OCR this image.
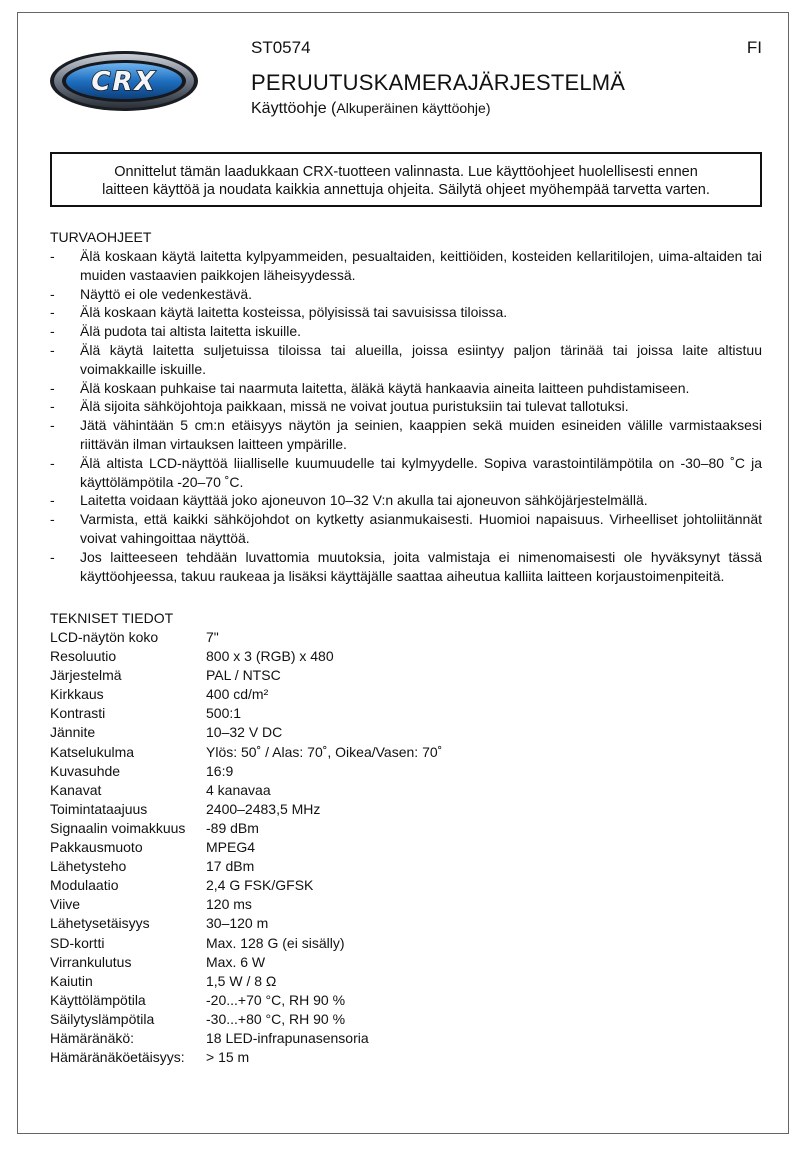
CRX
ST0574	FI
PERUUTUSKAMERAJÄRJESTELMÄ
Käyttöohje (Alkuperäinen käyttöohje)
Onnittelut tämän laadukkaan CRX-tuotteen valinnasta. Lue käyttöohjeet huolellisesti ennen
laitteen käyttöä ja noudata kaikkia annettuja ohjeita. Säilytä ohjeet myöhempää tarvetta varten.
TURVAOHJEET
- Älä koskaan käytä laitetta kylpyammeiden, pesualtaiden, keittiöiden, kosteiden kellaritilojen, uima-altaiden tai muiden vastaavien paikkojen läheisyydessä.
- Näyttö ei ole vedenkestävä.
- Älä koskaan käytä laitetta kosteissa, pölyisissä tai savuisissa tiloissa.
- Älä pudota tai altista laitetta iskuille.
- Älä käytä laitetta suljetuissa tiloissa tai alueilla, joissa esiintyy paljon tärinää tai joissa laite altistuu voimakkaille iskuille.
- Älä koskaan puhkaise tai naarmuta laitetta, äläkä käytä hankaavia aineita laitteen puhdistamiseen.
- Älä sijoita sähköjohtoja paikkaan, missä ne voivat joutua puristuksiin tai tulevat tallotuksi.
- Jätä vähintään 5 cm:n etäisyys näytön ja seinien, kaappien sekä muiden esineiden välille varmistaaksesi riittävän ilman virtauksen laitteen ympärille.
- Älä altista LCD-näyttöä liialliselle kuumuudelle tai kylmyydelle. Sopiva varastointilämpötila on -30–80 ˚C ja käyttölämpötila -20–70 ˚C.
- Laitetta voidaan käyttää joko ajoneuvon 10–32 V:n akulla tai ajoneuvon sähköjärjestelmällä.
- Varmista, että kaikki sähköjohdot on kytketty asianmukaisesti. Huomioi napaisuus. Virheelliset johtoliitännät voivat vahingoittaa näyttöä.
- Jos laitteeseen tehdään luvattomia muutoksia, joita valmistaja ei nimenomaisesti ole hyväksynyt tässä käyttöohjeessa, takuu raukeaa ja lisäksi käyttäjälle saattaa aiheutua kalliita laitteen korjaustoimenpiteitä.
TEKNISET TIEDOT
LCD-näytön koko	7"
Resoluutio	800 x 3 (RGB) x 480
Järjestelmä	PAL / NTSC
Kirkkaus	400 cd/m²
Kontrasti	500:1
Jännite	10–32 V DC
Katselukulma	Ylös: 50˚ / Alas: 70˚, Oikea/Vasen: 70˚
Kuvasuhde	16:9
Kanavat	4 kanavaa
Toimintataajuus	2400–2483,5 MHz
Signaalin voimakkuus	-89 dBm
Pakkausmuoto	MPEG4
Lähetysteho	17 dBm
Modulaatio	2,4 G FSK/GFSK
Viive	120 ms
Lähetysetäisyys	30–120 m
SD-kortti	Max. 128 G (ei sisälly)
Virrankulutus	Max. 6 W
Kaiutin	1,5 W / 8 Ω
Käyttölämpötila	-20...+70 °C, RH 90 %
Säilytyslämpötila	-30...+80 °C, RH 90 %
Hämäränäkö:	18 LED-infrapunasensoria
Hämäränäköetäisyys:	> 15 m
